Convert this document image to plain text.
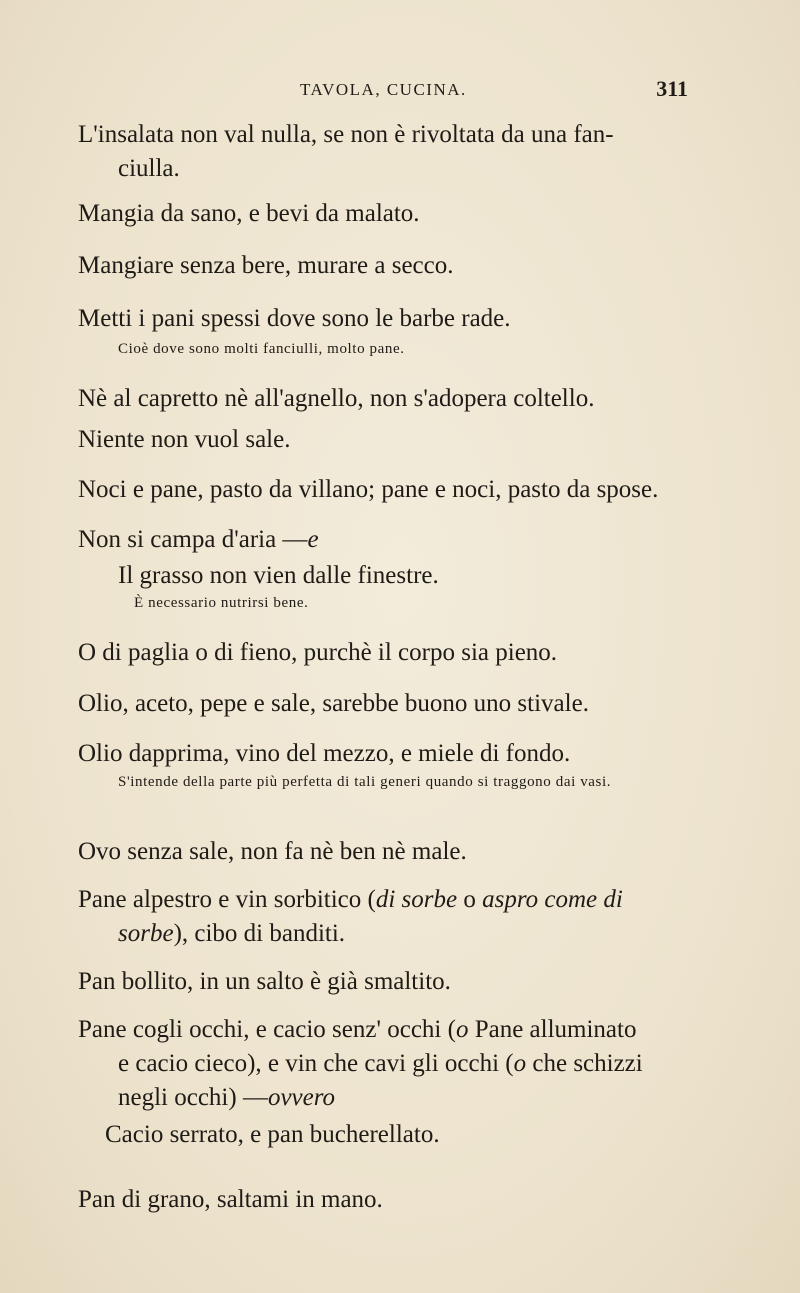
TAVOLA, CUCINA.	311
L'insalata non val nulla, se non è rivoltata da una fan-
ciulla.
Mangia da sano, e bevi da malato.
Mangiare senza bere, murare a secco.
Metti i pani spessi dove sono le barbe rade.
Cioè dove sono molti fanciulli, molto pane.
Nè al capretto nè all'agnello, non s'adopera coltello.
Niente non vuol sale.
Noci e pane, pasto da villano; pane e noci, pasto da spose.
Non si campa d'aria —e
Il grasso non vien dalle finestre.
È necessario nutrirsi bene.
O di paglia o di fieno, purchè il corpo sia pieno.
Olio, aceto, pepe e sale, sarebbe buono uno stivale.
Olio dapprima, vino del mezzo, e miele di fondo.
S'intende della parte più perfetta di tali generi quando si traggono dai vasi.
Ovo senza sale, non fa nè ben nè male.
Pane alpestro e vin sorbitico (di sorbe o aspro come di
sorbe), cibo di banditi.
Pan bollito, in un salto è già smaltito.
Pane cogli occhi, e cacio senz' occhi (o Pane alluminato
e cacio cieco), e vin che cavi gli occhi (o che schizzi
negli occhi) —ovvero
Cacio serrato, e pan bucherellato.
Pan di grano, saltami in mano.
